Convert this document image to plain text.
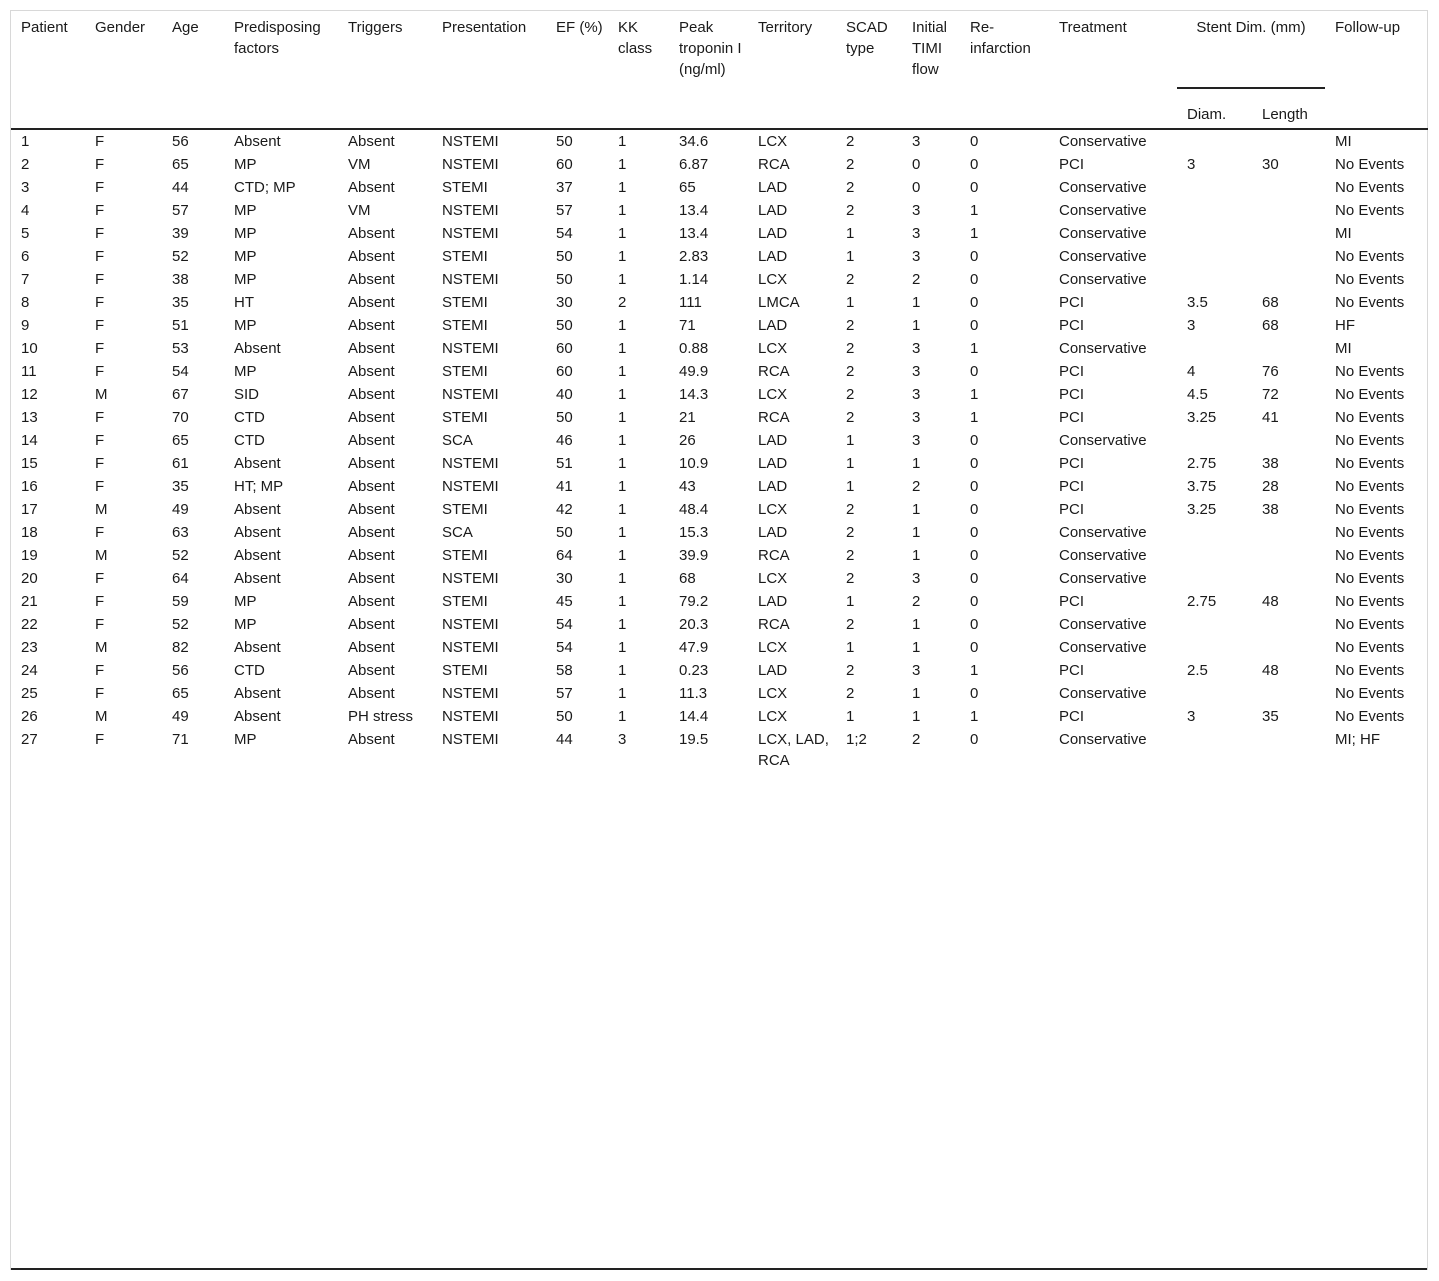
Patient	Gender	Age	Predisposing factors	Triggers	Presentation	EF (%)	KK class	Peak troponin I (ng/ml)	Territory	SCAD type	Initial TIMI flow	Re-infarction	Treatment	Stent Dim. (mm)		Follow-up
														Diam.	Length	
1	F	56	Absent	Absent	NSTEMI	50	1	34.6	LCX	2	3	0	Conservative			MI
2	F	65	MP	VM	NSTEMI	60	1	6.87	RCA	2	0	0	PCI	3	30	No Events
3	F	44	CTD; MP	Absent	STEMI	37	1	65	LAD	2	0	0	Conservative			No Events
4	F	57	MP	VM	NSTEMI	57	1	13.4	LAD	2	3	1	Conservative			No Events
5	F	39	MP	Absent	NSTEMI	54	1	13.4	LAD	1	3	1	Conservative			MI
6	F	52	MP	Absent	STEMI	50	1	2.83	LAD	1	3	0	Conservative			No Events
7	F	38	MP	Absent	NSTEMI	50	1	1.14	LCX	2	2	0	Conservative			No Events
8	F	35	HT	Absent	STEMI	30	2	111	LMCA	1	1	0	PCI	3.5	68	No Events
9	F	51	MP	Absent	STEMI	50	1	71	LAD	2	1	0	PCI	3	68	HF
10	F	53	Absent	Absent	NSTEMI	60	1	0.88	LCX	2	3	1	Conservative			MI
11	F	54	MP	Absent	STEMI	60	1	49.9	RCA	2	3	0	PCI	4	76	No Events
12	M	67	SID	Absent	NSTEMI	40	1	14.3	LCX	2	3	1	PCI	4.5	72	No Events
13	F	70	CTD	Absent	STEMI	50	1	21	RCA	2	3	1	PCI	3.25	41	No Events
14	F	65	CTD	Absent	SCA	46	1	26	LAD	1	3	0	Conservative			No Events
15	F	61	Absent	Absent	NSTEMI	51	1	10.9	LAD	1	1	0	PCI	2.75	38	No Events
16	F	35	HT; MP	Absent	NSTEMI	41	1	43	LAD	1	2	0	PCI	3.75	28	No Events
17	M	49	Absent	Absent	STEMI	42	1	48.4	LCX	2	1	0	PCI	3.25	38	No Events
18	F	63	Absent	Absent	SCA	50	1	15.3	LAD	2	1	0	Conservative			No Events
19	M	52	Absent	Absent	STEMI	64	1	39.9	RCA	2	1	0	Conservative			No Events
20	F	64	Absent	Absent	NSTEMI	30	1	68	LCX	2	3	0	Conservative			No Events
21	F	59	MP	Absent	STEMI	45	1	79.2	LAD	1	2	0	PCI	2.75	48	No Events
22	F	52	MP	Absent	NSTEMI	54	1	20.3	RCA	2	1	0	Conservative			No Events
23	M	82	Absent	Absent	NSTEMI	54	1	47.9	LCX	1	1	0	Conservative			No Events
24	F	56	CTD	Absent	STEMI	58	1	0.23	LAD	2	3	1	PCI	2.5	48	No Events
25	F	65	Absent	Absent	NSTEMI	57	1	11.3	LCX	2	1	0	Conservative			No Events
26	M	49	Absent	PH stress	NSTEMI	50	1	14.4	LCX	1	1	1	PCI	3	35	No Events
27	F	71	MP	Absent	NSTEMI	44	3	19.5	LCX, LAD, RCA	1;2	2	0	Conservative			MI; HF
